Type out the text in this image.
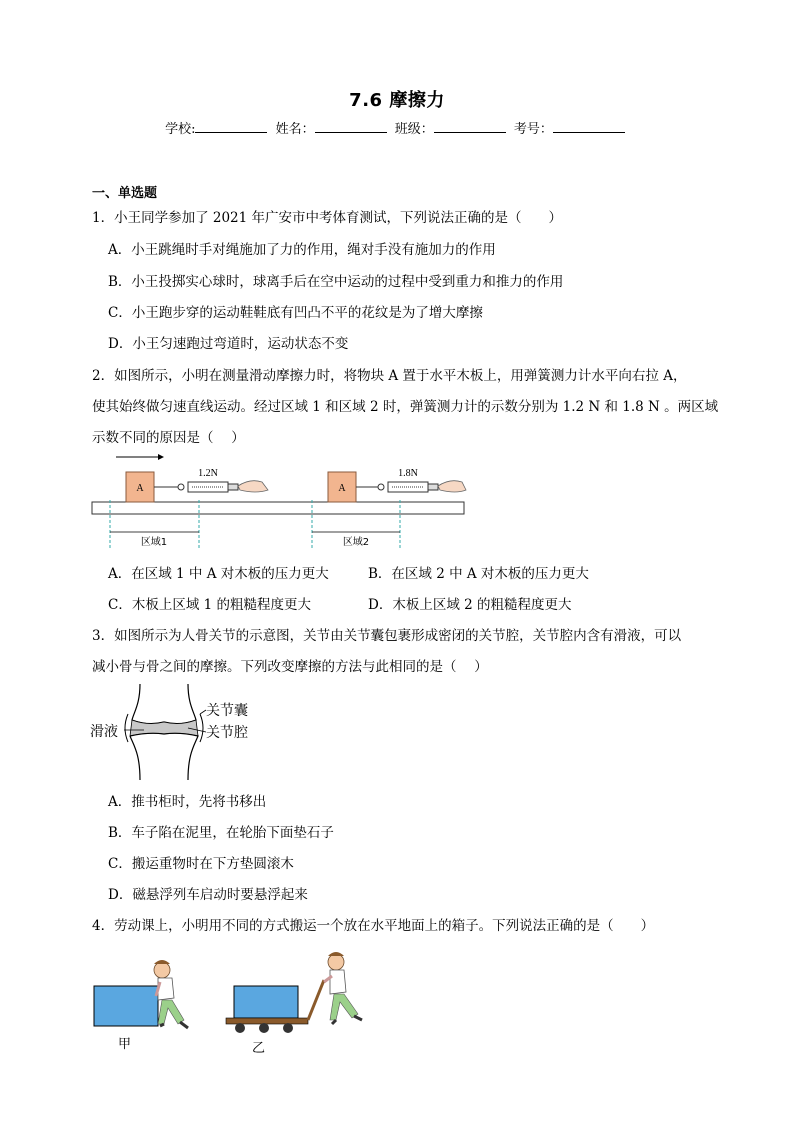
7.6 摩擦力
学校:	姓名：	班级：	考号：
一、单选题
1．小王同学参加了 2021 年广安市中考体育测试，下列说法正确的是（　　）
A．小王跳绳时手对绳施加了力的作用，绳对手没有施加力的作用
B．小王投掷实心球时，球离手后在空中运动的过程中受到重力和推力的作用
C．小王跑步穿的运动鞋鞋底有凹凸不平的花纹是为了增大摩擦
D．小王匀速跑过弯道时，运动状态不变
2．如图所示，小明在测量滑动摩擦力时，将物块 A 置于水平木板上，用弹簧测力计水平向右拉 A，
使其始终做匀速直线运动。经过区域 1 和区域 2 时，弹簧测力计的示数分别为 1.2 N 和 1.8 N 。两区域
示数不同的原因是（　 ）
A
1.2N
A
1.8N
区域1	区域2
A．在区域 1 中 A 对木板的压力更大	B．在区域 2 中 A 对木板的压力更大
C．木板上区域 1 的粗糙程度更大	D．木板上区域 2 的粗糙程度更大
3．如图所示为人骨关节的示意图，关节由关节囊包裹形成密闭的关节腔，关节腔内含有滑液，可以
减小骨与骨之间的摩擦。下列改变摩擦的方法与此相同的是（　 ）
关节囊
关节腔
滑液
A．推书柜时，先将书移出
B．车子陷在泥里，在轮胎下面垫石子
C．搬运重物时在下方垫圆滚木
D．磁悬浮列车启动时要悬浮起来
4．劳动课上，小明用不同的方式搬运一个放在水平地面上的箱子。下列说法正确的是（　　）
甲	乙
